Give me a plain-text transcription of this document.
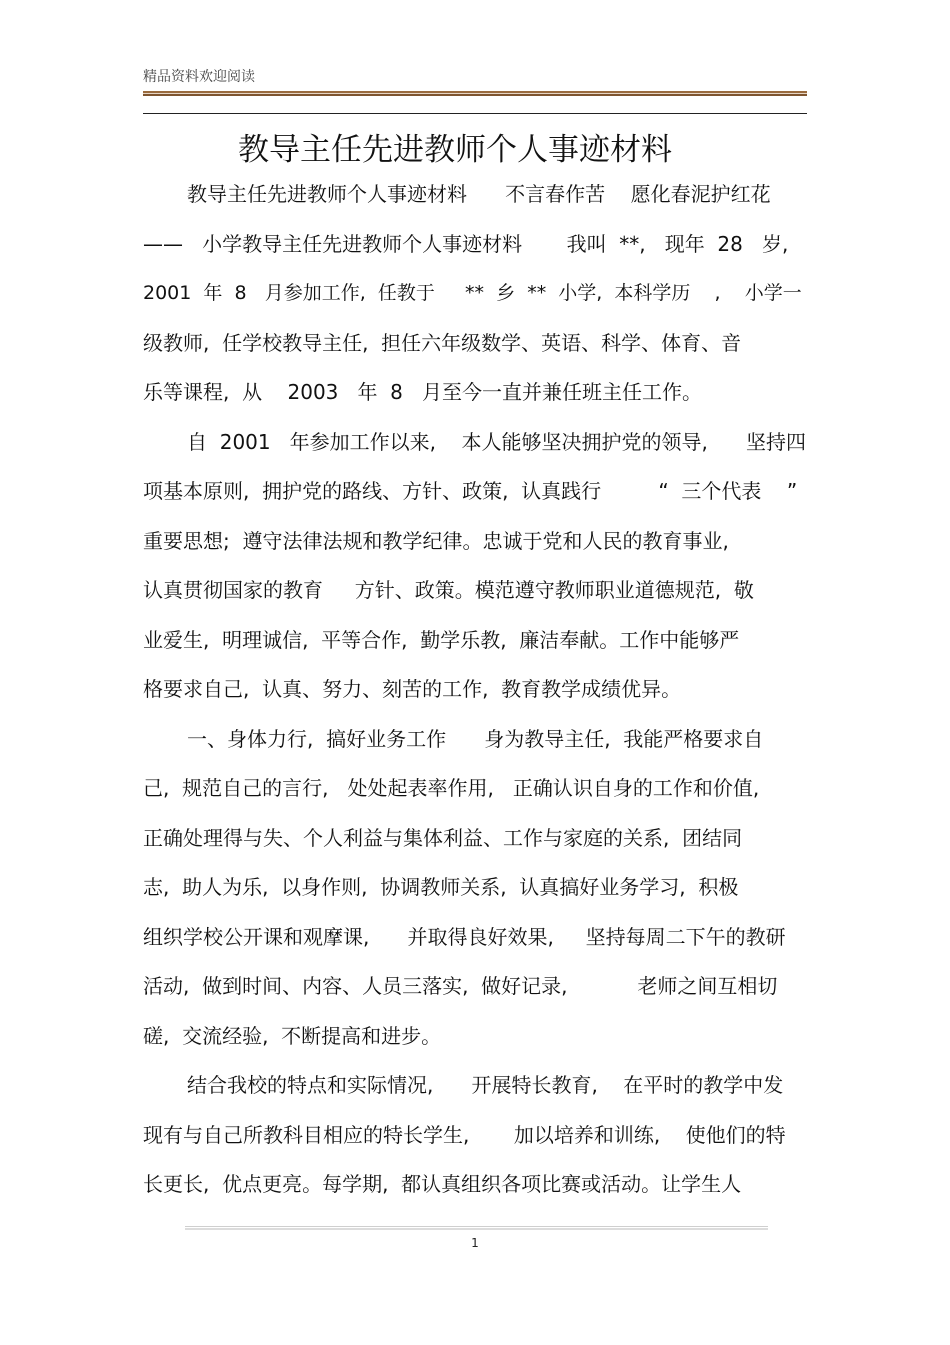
精品资料欢迎阅读

教导主任先进教师个人事迹材料

教导主任先进教师个人事迹材料      不言春作苦    愿化春泥护红花

——   小学教导主任先进教师个人事迹材料       我叫  **,   现年  28   岁,

2001  年  8   月参加工作,  任教于     **  乡  **  小学,  本科学历    ,    小学一

级教师,  任学校教导主任,  担任六年级数学、英语、科学、体育、音

乐等课程,  从    2003   年  8   月至今一直并兼任班主任工作。

自  2001   年参加工作以来,    本人能够坚决拥护党的领导,      坚持四

项基本原则,  拥护党的路线、方针、政策,  认真践行         “  三个代表    ”

重要思想;  遵守法律法规和教学纪律。忠诚于党和人民的教育事业,

认真贯彻国家的教育     方针、政策。模范遵守教师职业道德规范,  敬

业爱生,  明理诚信,  平等合作,  勤学乐教,  廉洁奉献。工作中能够严

格要求自己,  认真、努力、刻苦的工作,  教育教学成绩优异。

一、身体力行,  搞好业务工作      身为教导主任,  我能严格要求自

己,  规范自己的言行,   处处起表率作用,   正确认识自身的工作和价值,

正确处理得与失、个人利益与集体利益、工作与家庭的关系,  团结同

志,  助人为乐,  以身作则,  协调教师关系,  认真搞好业务学习,  积极

组织学校公开课和观摩课,      并取得良好效果,     坚持每周二下午的教研

活动,  做到时间、内容、人员三落实,  做好记录,           老师之间互相切

磋,  交流经验,  不断提高和进步。

结合我校的特点和实际情况,      开展特长教育,    在平时的教学中发

现有与自己所教科目相应的特长学生,       加以培养和训练,    使他们的特

长更长,  优点更亮。每学期,  都认真组织各项比赛或活动。让学生人

1
